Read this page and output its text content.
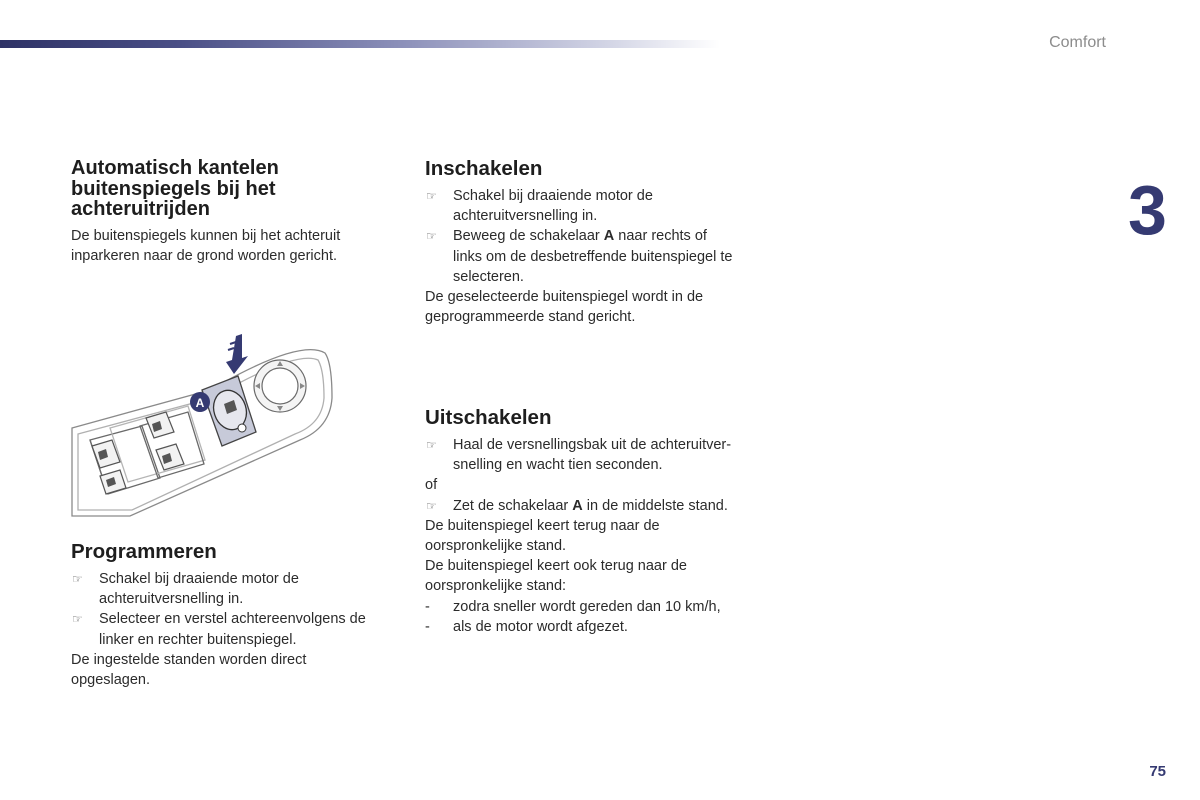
Comfort
3
75
Automatisch kantelen buitenspiegels bij het achteruitrijden

De buitenspiegels kunnen bij het achteruit inparkeren naar de grond worden gericht.

A
Programmeren
☞ Schakel bij draaiende motor de achteruitversnelling in.
☞ Selecteer en verstel achtereenvolgens de linker en rechter buitenspiegel.

De ingestelde standen worden direct opgeslagen.

Inschakelen
☞ Schakel bij draaiende motor de achteruitversnelling in.
☞ Beweeg de schakelaar A naar rechts of links om de desbetreffende buitenspiegel te selecteren.

De geselecteerde buitenspiegel wordt in de geprogrammeerde stand gericht.

Uitschakelen
☞ Haal de versnellingsbak uit de achteruitver-snelling en wacht tien seconden.

of

☞ Zet de schakelaar A in de middelste stand.

De buitenspiegel keert terug naar de oorspronkelijke stand.

De buitenspiegel keert ook terug naar de oorspronkelijke stand:

- zodra sneller wordt gereden dan 10 km/h,
- als de motor wordt afgezet.
